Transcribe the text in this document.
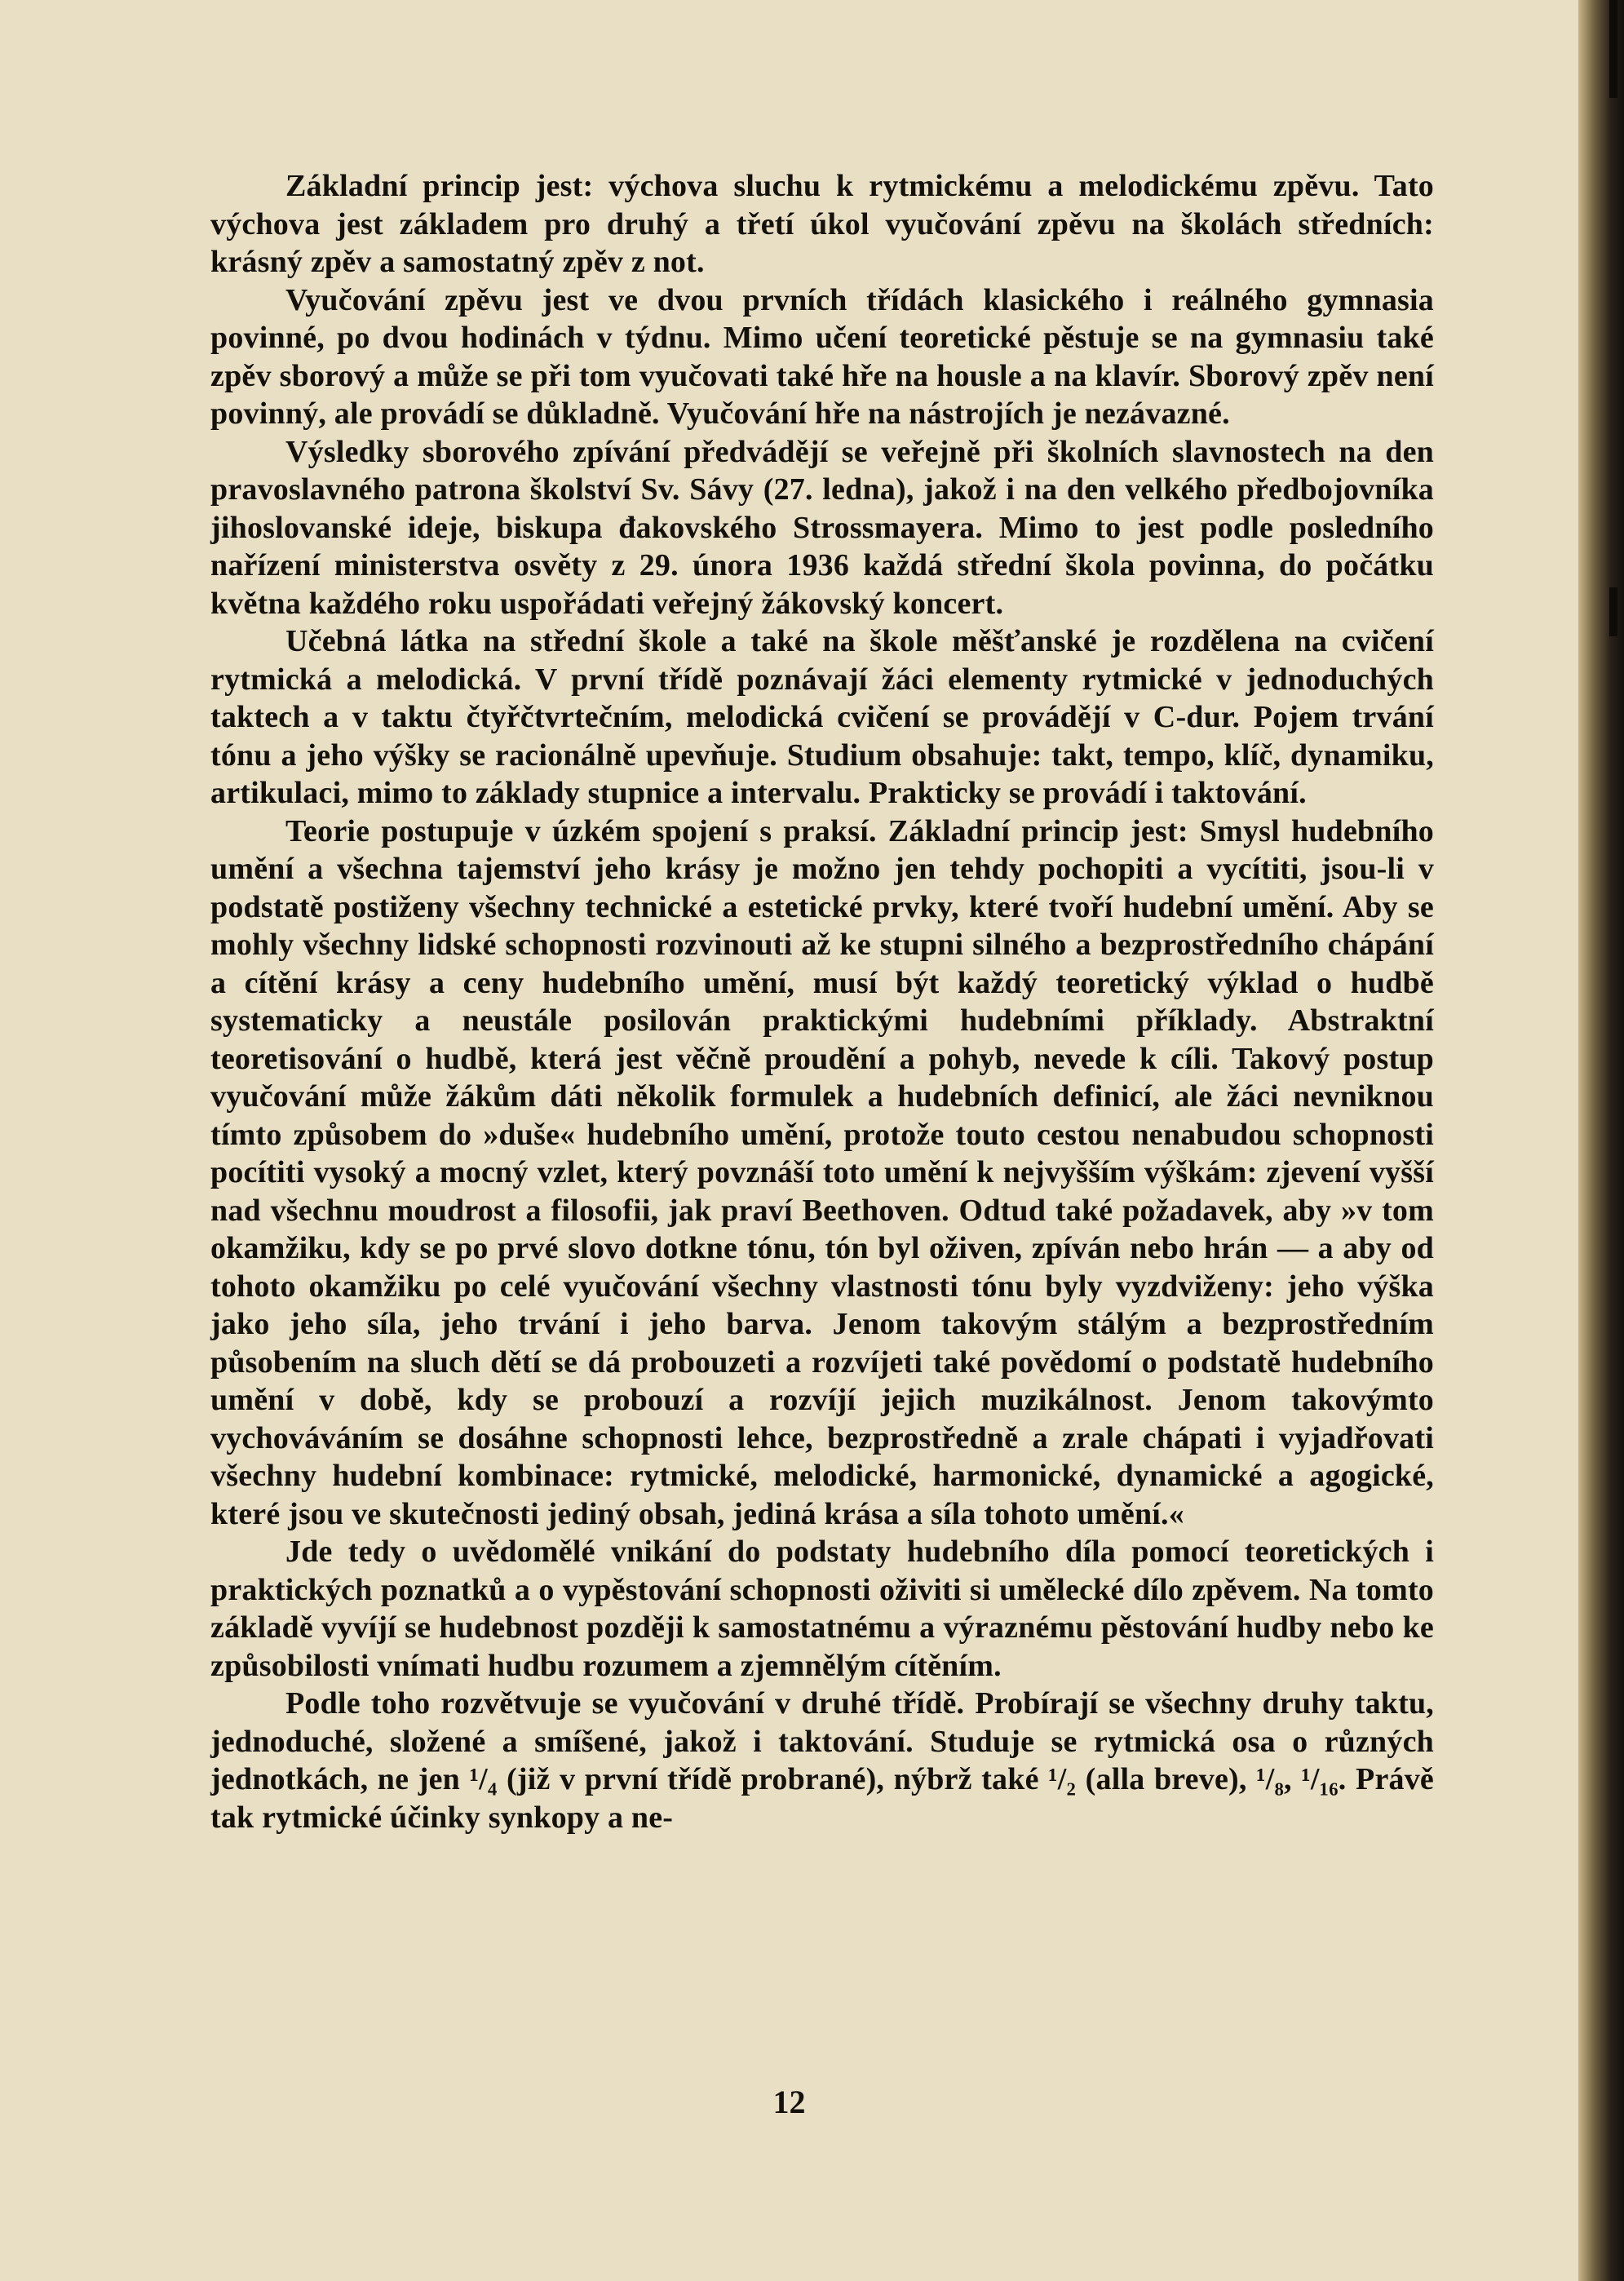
Základní princip jest: výchova sluchu k rytmickému a melodickému zpěvu. Tato výchova jest základem pro druhý a třetí úkol vyučování zpěvu na školách středních: krásný zpěv a samostatný zpěv z not.

Vyučování zpěvu jest ve dvou prvních třídách klasického i reálného gymnasia povinné, po dvou hodinách v týdnu. Mimo učení teoretické pěstuje se na gymnasiu také zpěv sborový a může se při tom vyučovati také hře na housle a na klavír. Sborový zpěv není povinný, ale provádí se důkladně. Vyučování hře na nástrojích je nezávazné.

Výsledky sborového zpívání předvádějí se veřejně při školních slavnostech na den pravoslavného patrona školství Sv. Sávy (27. ledna), jakož i na den velkého předbojovníka jihoslovanské ideje, biskupa đakovského Strossmayera. Mimo to jest podle posledního nařízení ministerstva osvěty z 29. února 1936 každá střední škola povinna, do počátku května každého roku uspořádati veřejný žákovský koncert.

Učebná látka na střední škole a také na škole měšťanské je rozdělena na cvičení rytmická a melodická. V první třídě poznávají žáci elementy rytmické v jednoduchých taktech a v taktu čtyřčtvrtečním, melodická cvičení se provádějí v C-dur. Pojem trvání tónu a jeho výšky se racionálně upevňuje. Studium obsahuje: takt, tempo, klíč, dynamiku, artikulaci, mimo to základy stupnice a intervalu. Prakticky se provádí i taktování.

Teorie postupuje v úzkém spojení s praksí. Základní princip jest: Smysl hudebního umění a všechna tajemství jeho krásy je možno jen tehdy pochopiti a vycítiti, jsou-li v podstatě postiženy všechny technické a estetické prvky, které tvoří hudební umění. Aby se mohly všechny lidské schopnosti rozvinouti až ke stupni silného a bezprostředního chápání a cítění krásy a ceny hudebního umění, musí být každý teoretický výklad o hudbě systematicky a neustále posilován praktickými hudebními příklady. Abstraktní teoretisování o hudbě, která jest věčně proudění a pohyb, nevede k cíli. Takový postup vyučování může žákům dáti několik formulek a hudebních definicí, ale žáci nevniknou tímto způsobem do »duše« hudebního umění, protože touto cestou nenabudou schopnosti pocítiti vysoký a mocný vzlet, který povznáší toto umění k nejvyšším výškám: zjevení vyšší nad všechnu moudrost a filosofii, jak praví Beethoven. Odtud také požadavek, aby »v tom okamžiku, kdy se po prvé slovo dotkne tónu, tón byl oživen, zpíván nebo hrán — a aby od tohoto okamžiku po celé vyučování všechny vlastnosti tónu byly vyzdviženy: jeho výška jako jeho síla, jeho trvání i jeho barva. Jenom takovým stálým a bezprostředním působením na sluch dětí se dá probouzeti a rozvíjeti také povědomí o podstatě hudebního umění v době, kdy se probouzí a rozvíjí jejich muzikálnost. Jenom takovýmto vychováváním se dosáhne schopnosti lehce, bezprostředně a zrale chápati i vyjadřovati všechny hudební kombinace: rytmické, melodické, harmonické, dynamické a agogické, které jsou ve skutečnosti jediný obsah, jediná krása a síla tohoto umění.«

Jde tedy o uvědomělé vnikání do podstaty hudebního díla pomocí teoretických i praktických poznatků a o vypěstování schopnosti oživiti si umělecké dílo zpěvem. Na tomto základě vyvíjí se hudebnost později k samostatnému a výraznému pěstování hudby nebo ke způsobilosti vnímati hudbu rozumem a zjemnělým cítěním.

Podle toho rozvětvuje se vyučování v druhé třídě. Probírají se všechny druhy taktu, jednoduché, složené a smíšené, jakož i taktování. Studuje se rytmická osa o různých jednotkách, ne jen ¹/₄ (již v první třídě probrané), nýbrž také ¹/₂ (alla breve), ¹/₈, ¹/₁₆. Právě tak rytmické účinky synkopy a ne-

12
